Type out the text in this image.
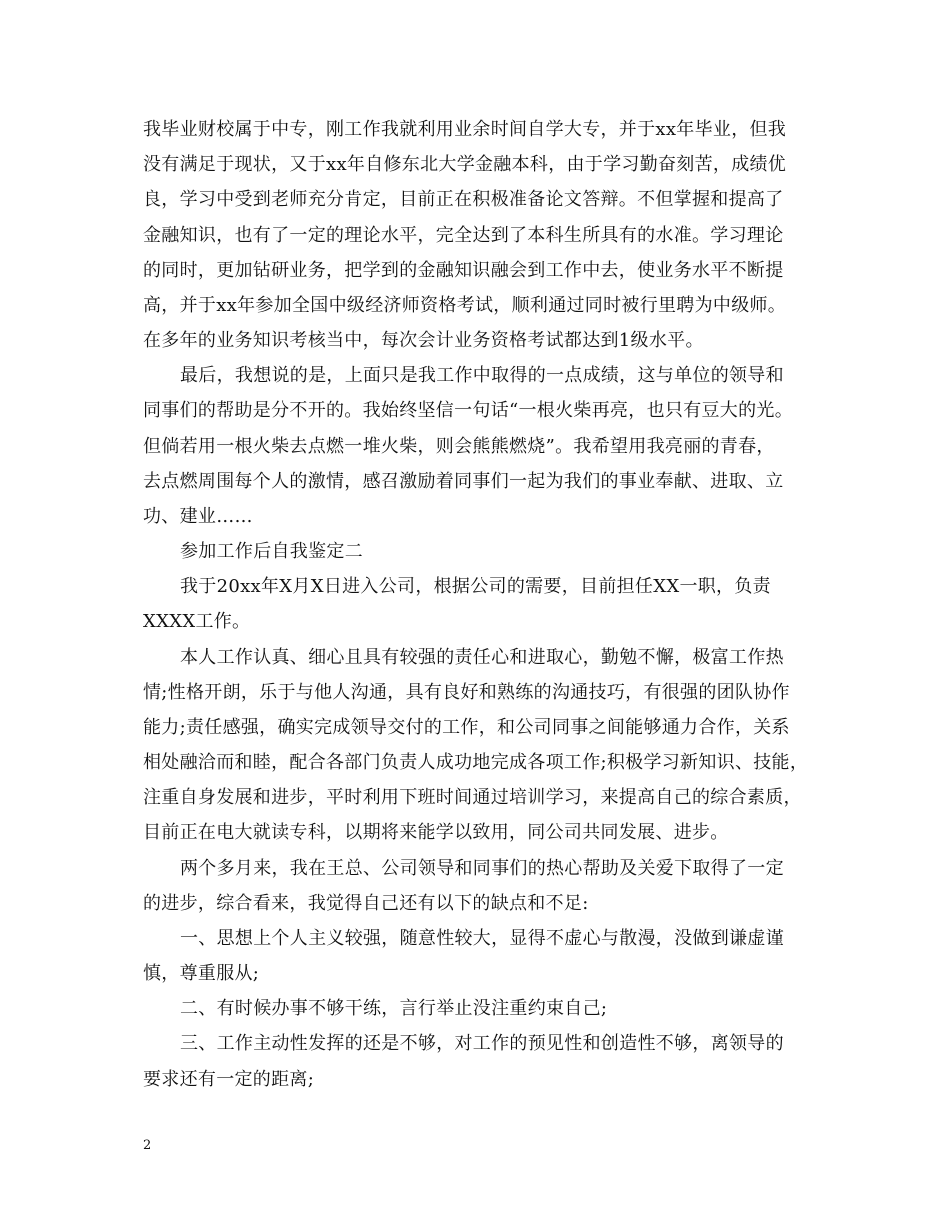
我毕业财校属于中专，刚工作我就利用业余时间自学大专，并于xx年毕业，但我
没有满足于现状，又于xx年自修东北大学金融本科，由于学习勤奋刻苦，成绩优
良，学习中受到老师充分肯定，目前正在积极准备论文答辩。不但掌握和提高了
金融知识，也有了一定的理论水平，完全达到了本科生所具有的水准。学习理论
的同时，更加钻研业务，把学到的金融知识融会到工作中去，使业务水平不断提
高，并于xx年参加全国中级经济师资格考试，顺利通过同时被行里聘为中级师。
在多年的业务知识考核当中，每次会计业务资格考试都达到1级水平。
最后，我想说的是，上面只是我工作中取得的一点成绩，这与单位的领导和
同事们的帮助是分不开的。我始终坚信一句话“一根火柴再亮，也只有豆大的光。
但倘若用一根火柴去点燃一堆火柴，则会熊熊燃烧”。我希望用我亮丽的青春，
去点燃周围每个人的激情，感召激励着同事们一起为我们的事业奉献、进取、立
功、建业……
参加工作后自我鉴定二
我于20xx年X月X日进入公司，根据公司的需要，目前担任XX一职，负责
XXXX工作。
本人工作认真、细心且具有较强的责任心和进取心，勤勉不懈，极富工作热
情;性格开朗，乐于与他人沟通，具有良好和熟练的沟通技巧，有很强的团队协作
能力;责任感强，确实完成领导交付的工作，和公司同事之间能够通力合作，关系
相处融洽而和睦，配合各部门负责人成功地完成各项工作;积极学习新知识、技能，
注重自身发展和进步，平时利用下班时间通过培训学习，来提高自己的综合素质，
目前正在电大就读专科，以期将来能学以致用，同公司共同发展、进步。
两个多月来，我在王总、公司领导和同事们的热心帮助及关爱下取得了一定
的进步，综合看来，我觉得自己还有以下的缺点和不足:
一、思想上个人主义较强，随意性较大，显得不虚心与散漫，没做到谦虚谨
慎，尊重服从;
二、有时候办事不够干练，言行举止没注重约束自己;
三、工作主动性发挥的还是不够，对工作的预见性和创造性不够，离领导的
要求还有一定的距离;
2
